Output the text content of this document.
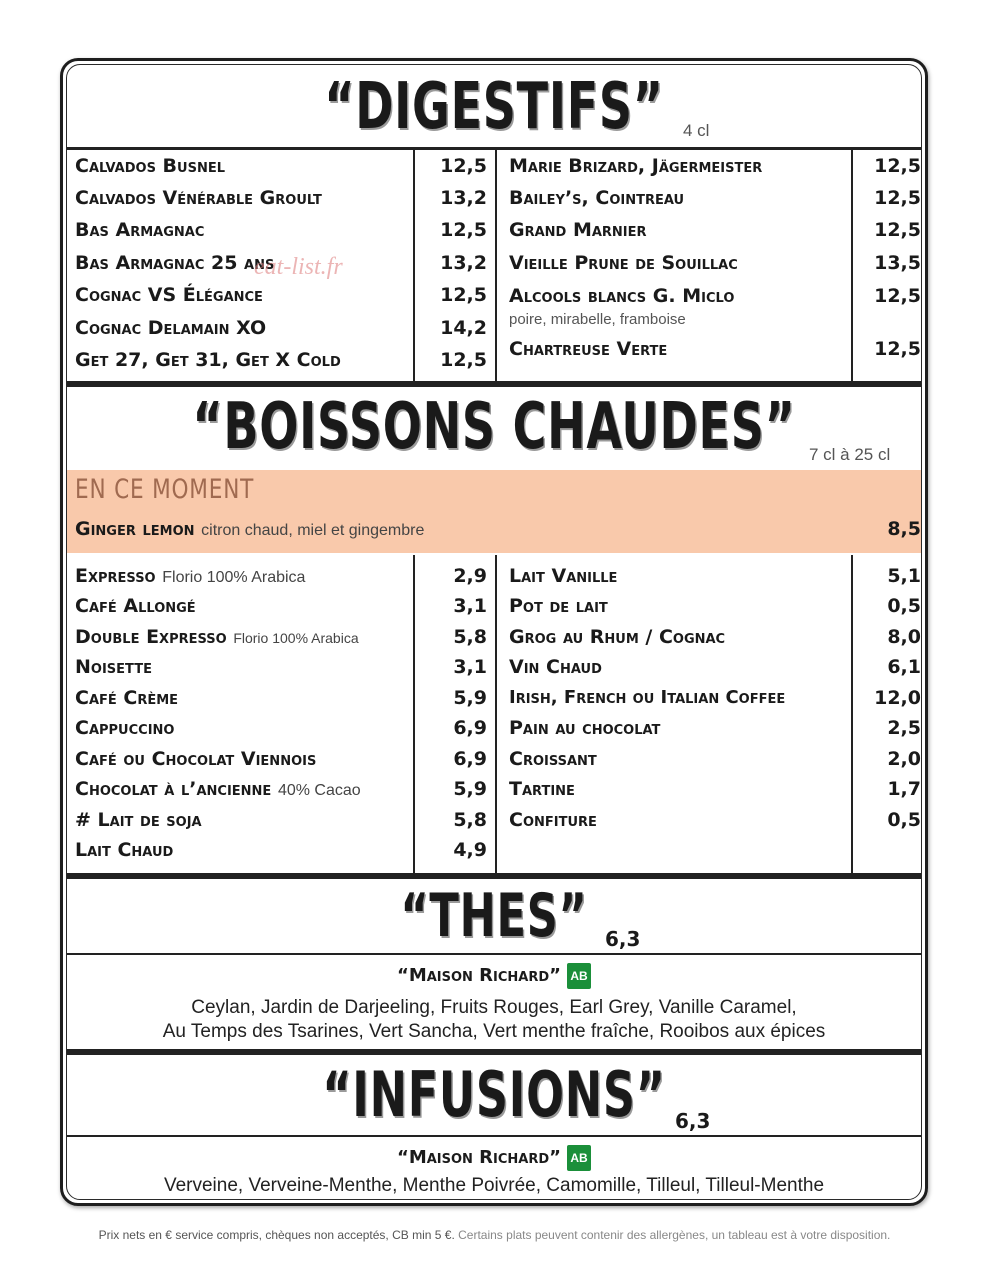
“DIGESTIFS”	4 cl
Calvados Busnel	12,5
Calvados Vénérable Groult	13,2
Bas Armagnac	12,5
Bas Armagnac 25 ans	13,2
Cognac VS Élégance	12,5
Cognac Delamain XO	14,2
Get 27, Get 31, Get X Cold	12,5
Marie Brizard, Jägermeister	12,5
Bailey’s, Cointreau	12,5
Grand Marnier	12,5
Vieille Prune de Souillac	13,5
Alcools blancs G. Miclo	12,5
poire, mirabelle, framboise
Chartreuse Verte	12,5
“BOISSONS CHAUDES” 7 cl à 25 cl
EN CE MOMENT
Ginger lemon citron chaud, miel et gingembre	8,5
Expresso Florio 100% Arabica	2,9
Café Allongé	3,1
Double Expresso Florio 100% Arabica	5,8
Noisette	3,1
Café Crème	5,9
Cappuccino	6,9
Café ou Chocolat Viennois	6,9
Chocolat à l’ancienne 40% Cacao	5,9
# Lait de soja	5,8
Lait Chaud	4,9
Lait Vanille	5,1
Pot de lait	0,5
Grog au Rhum / Cognac	8,0
Vin Chaud	6,1
Irish, French ou Italian Coffee	12,0
Pain au chocolat	2,5
Croissant	2,0
Tartine	1,7
Confiture	0,5
“THES” 6,3
“Maison Richard” AB
Ceylan, Jardin de Darjeeling, Fruits Rouges, Earl Grey, Vanille Caramel,
Au Temps des Tsarines, Vert Sancha, Vert menthe fraîche, Rooibos aux épices
“INFUSIONS” 6,3
“Maison Richard” AB
Verveine, Verveine-Menthe, Menthe Poivrée, Camomille, Tilleul, Tilleul-Menthe
eat-list.fr
Prix nets en € service compris, chèques non acceptés, CB min 5 €. Certains plats peuvent contenir des allergènes, un tableau est à votre disposition.
